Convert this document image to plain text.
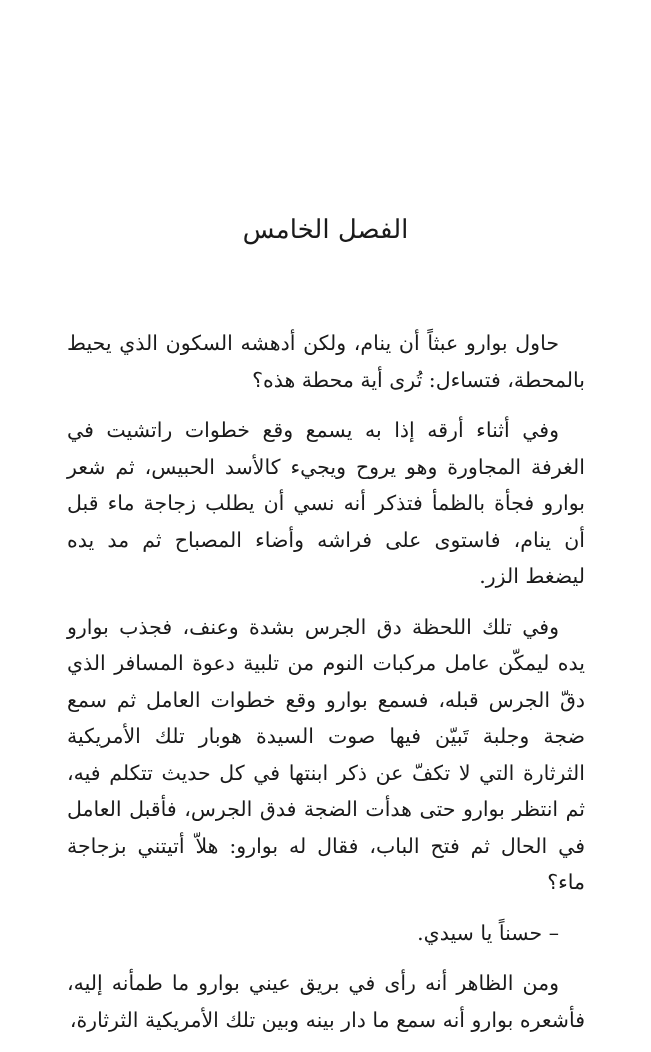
الفصل الخامس

حاول بوارو عبثاً أن ينام، ولكن أدهشه السكون الذي يحيط بالمحطة، فتساءل: تُرى أية محطة هذه؟

وفي أثناء أرقه إذا به يسمع وقع خطوات راتشيت في الغرفة المجاورة وهو يروح ويجيء كالأسد الحبيس، ثم شعر بوارو فجأة بالظمأ فتذكر أنه نسي أن يطلب زجاجة ماء قبل أن ينام، فاستوى على فراشه وأضاء المصباح ثم مد يده ليضغط الزر.

وفي تلك اللحظة دق الجرس بشدة وعنف، فجذب بوارو يده ليمكّن عامل مركبات النوم من تلبية دعوة المسافر الذي دقّ الجرس قبله، فسمع بوارو وقع خطوات العامل ثم سمع ضجة وجلبة تَبيّن فيها صوت السيدة هوبار تلك الأمريكية الثرثارة التي لا تكفّ عن ذكر ابنتها في كل حديث تتكلم فيه، ثم انتظر بوارو حتى هدأت الضجة فدق الجرس، فأقبل العامل في الحال ثم فتح الباب، فقال له بوارو: هلاّ أتيتني بزجاجة ماء؟

– حسناً يا سيدي.

ومن الظاهر أنه رأى في بريق عيني بوارو ما طمأنه إليه، فأشعره بوارو أنه سمع ما دار بينه وبين تلك الأمريكية الثرثارة،
